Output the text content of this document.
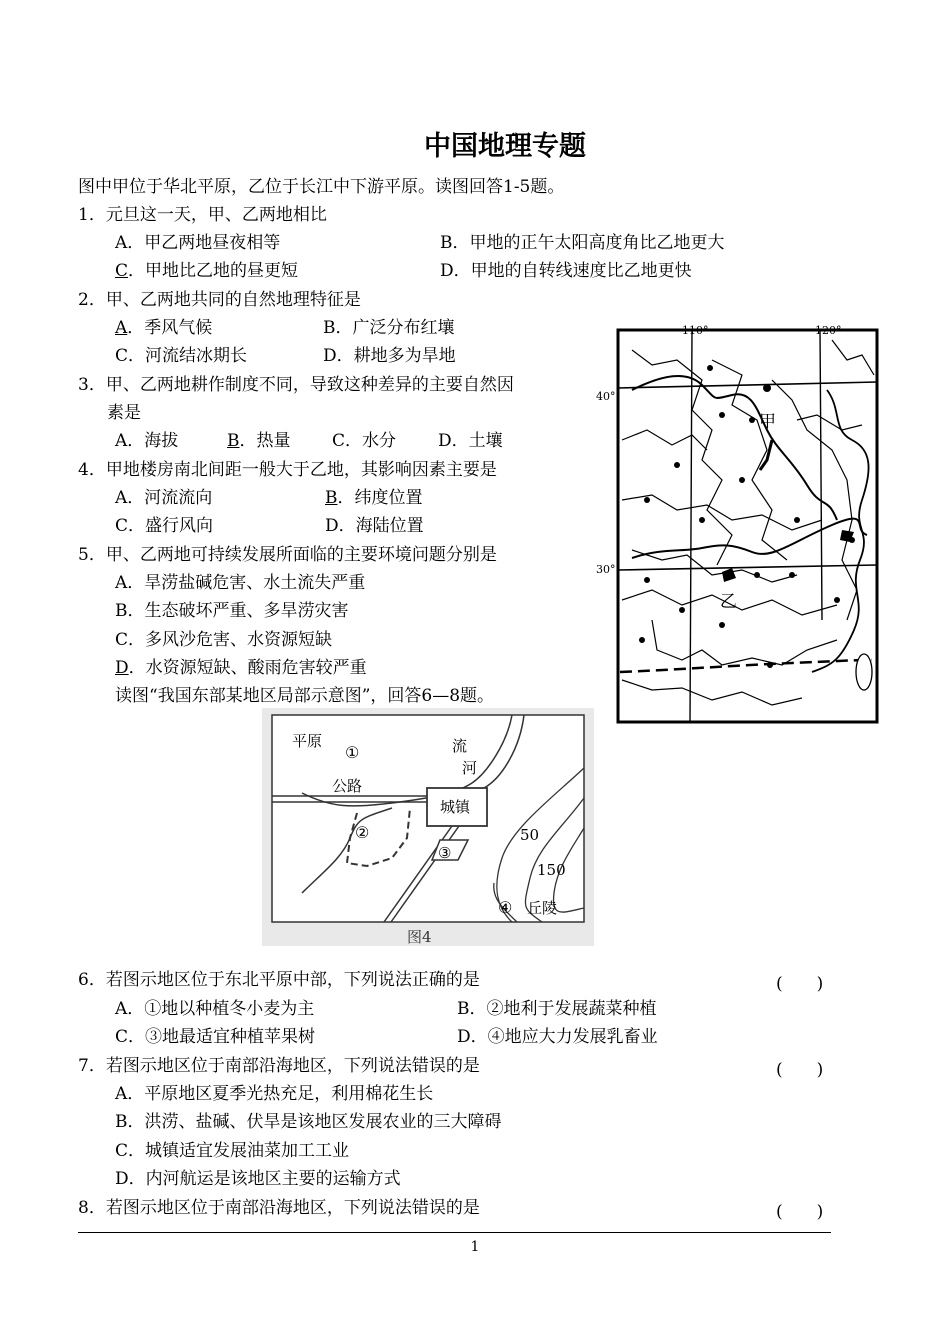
中国地理专题
图中甲位于华北平原，乙位于长江中下游平原。读图回答1-5题。
1．元旦这一天，甲、乙两地相比
A．甲乙两地昼夜相等	B．甲地的正午太阳高度角比乙地更大
C．甲地比乙地的昼更短	D．甲地的自转线速度比乙地更快
2．甲、乙两地共同的自然地理特征是
A．季风气候	B．广泛分布红壤
C．河流结冰期长	D．耕地多为旱地
3．甲、乙两地耕作制度不同，导致这种差异的主要自然因
素是
A．海拔	B．热量 C．水分 D．土壤
4．甲地楼房南北间距一般大于乙地，其影响因素主要是
A．河流流向	B．纬度位置
C．盛行风向	D．海陆位置
5．甲、乙两地可持续发展所面临的主要环境问题分别是
A．旱涝盐碱危害、水土流失严重
B．生态破坏严重、多旱涝灾害
C．多风沙危害、水资源短缺
D．水资源短缺、酸雨危害较严重
读图“我国东部某地区局部示意图”，回答6—8题。
110°	120°
40°
30°
甲
乙
平原
①	流
河
公路
城镇
②
③
50
150
④ 丘陵
图4
6．若图示地区位于东北平原中部，下列说法正确的是	(　　)
A．①地以种植冬小麦为主	B．②地利于发展蔬菜种植
C．③地最适宜种植苹果树	D．④地应大力发展乳畜业
7．若图示地区位于南部沿海地区，下列说法错误的是	(　　)
A．平原地区夏季光热充足，利用棉花生长
B．洪涝、盐碱、伏旱是该地区发展农业的三大障碍
C．城镇适宜发展油菜加工工业
D．内河航运是该地区主要的运输方式
8．若图示地区位于南部沿海地区，下列说法错误的是	(　　)
1
